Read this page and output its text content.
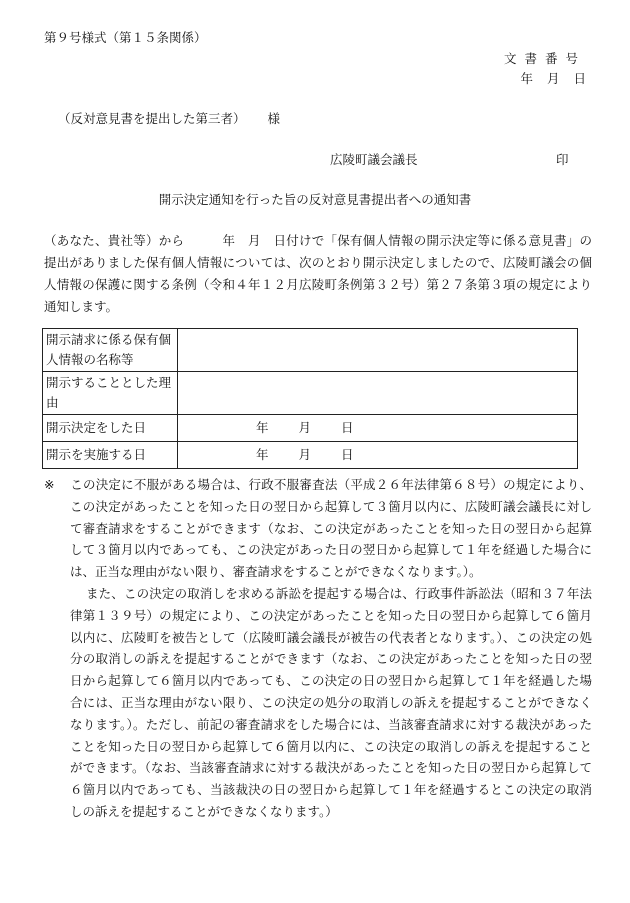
第９号様式（第１５条関係）
文書番号
年 月 日
（反対意見書を提出した第三者） 様
広陵町議会議長	印
開示決定通知を行った旨の反対意見書提出者への通知書
（あなた、貴社等）から　　　年　月　日付けで「保有個人情報の開示決定等に係る意見書」の提出がありました保有個人情報については、次のとおり開示決定しましたので、広陵町議会の個人情報の保護に関する条例（令和４年１２月広陵町条例第３２号）第２７条第３項の規定により通知します。
開示請求に係る保有個人情報の名称等	
開示することとした理由	
開示決定をした日	年 月 日
開示を実施する日	年 月 日
※ この決定に不服がある場合は、行政不服審査法（平成２６年法律第６８号）の規定により、この決定があったことを知った日の翌日から起算して３箇月以内に、広陵町議会議長に対して審査請求をすることができます（なお、この決定があったことを知った日の翌日から起算して３箇月以内であっても、この決定があった日の翌日から起算して１年を経過した場合には、正当な理由がない限り、審査請求をすることができなくなります。）。
また、この決定の取消しを求める訴訟を提起する場合は、行政事件訴訟法（昭和３７年法律第１３９号）の規定により、この決定があったことを知った日の翌日から起算して６箇月以内に、広陵町を被告として（広陵町議会議長が被告の代表者となります。）、この決定の処分の取消しの訴えを提起することができます（なお、この決定があったことを知った日の翌日から起算して６箇月以内であっても、この決定の日の翌日から起算して１年を経過した場合には、正当な理由がない限り、この決定の処分の取消しの訴えを提起することができなくなります。）。ただし、前記の審査請求をした場合には、当該審査請求に対する裁決があったことを知った日の翌日から起算して６箇月以内に、この決定の取消しの訴えを提起することができます。（なお、当該審査請求に対する裁決があったことを知った日の翌日から起算して６箇月以内であっても、当該裁決の日の翌日から起算して１年を経過するとこの決定の取消しの訴えを提起することができなくなります。）
